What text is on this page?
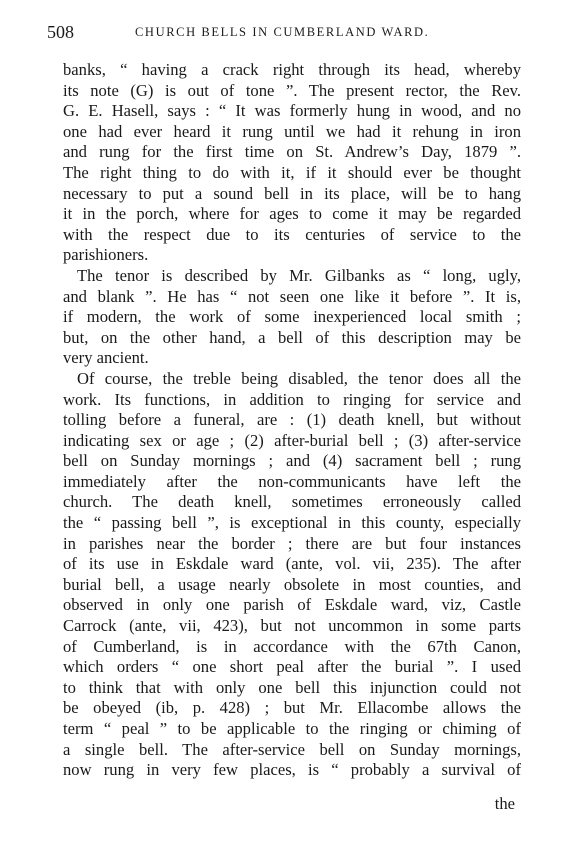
508	CHURCH BELLS IN CUMBERLAND WARD.
banks, “ having a crack right through its head, whereby
its note (G) is out of tone ”. The present rector, the Rev.
G. E. Hasell, says : “ It was formerly hung in wood, and no
one had ever heard it rung until we had it rehung in iron
and rung for the first time on St. Andrew’s Day, 1879 ”.
The right thing to do with it, if it should ever be thought
necessary to put a sound bell in its place, will be to hang
it in the porch, where for ages to come it may be regarded
with the respect due to its centuries of service to the
parishioners.
The tenor is described by Mr. Gilbanks as “ long, ugly,
and blank ”. He has “ not seen one like it before ”. It is,
if modern, the work of some inexperienced local smith ;
but, on the other hand, a bell of this description may be
very ancient.
Of course, the treble being disabled, the tenor does all the
work. Its functions, in addition to ringing for service and
tolling before a funeral, are : (1) death knell, but without
indicating sex or age ; (2) after-burial bell ; (3) after-service
bell on Sunday mornings ; and (4) sacrament bell ; rung
immediately after the non-communicants have left the
church. The death knell, sometimes erroneously called
the “ passing bell ”, is exceptional in this county, especially
in parishes near the border ; there are but four instances
of its use in Eskdale ward (ante, vol. vii, 235). The after
burial bell, a usage nearly obsolete in most counties, and
observed in only one parish of Eskdale ward, viz, Castle
Carrock (ante, vii, 423), but not uncommon in some parts
of Cumberland, is in accordance with the 67th Canon,
which orders “ one short peal after the burial ”. I used
to think that with only one bell this injunction could not
be obeyed (ib, p. 428) ; but Mr. Ellacombe allows the
term “ peal ” to be applicable to the ringing or chiming of
a single bell. The after-service bell on Sunday mornings,
now rung in very few places, is “ probably a survival of
the
